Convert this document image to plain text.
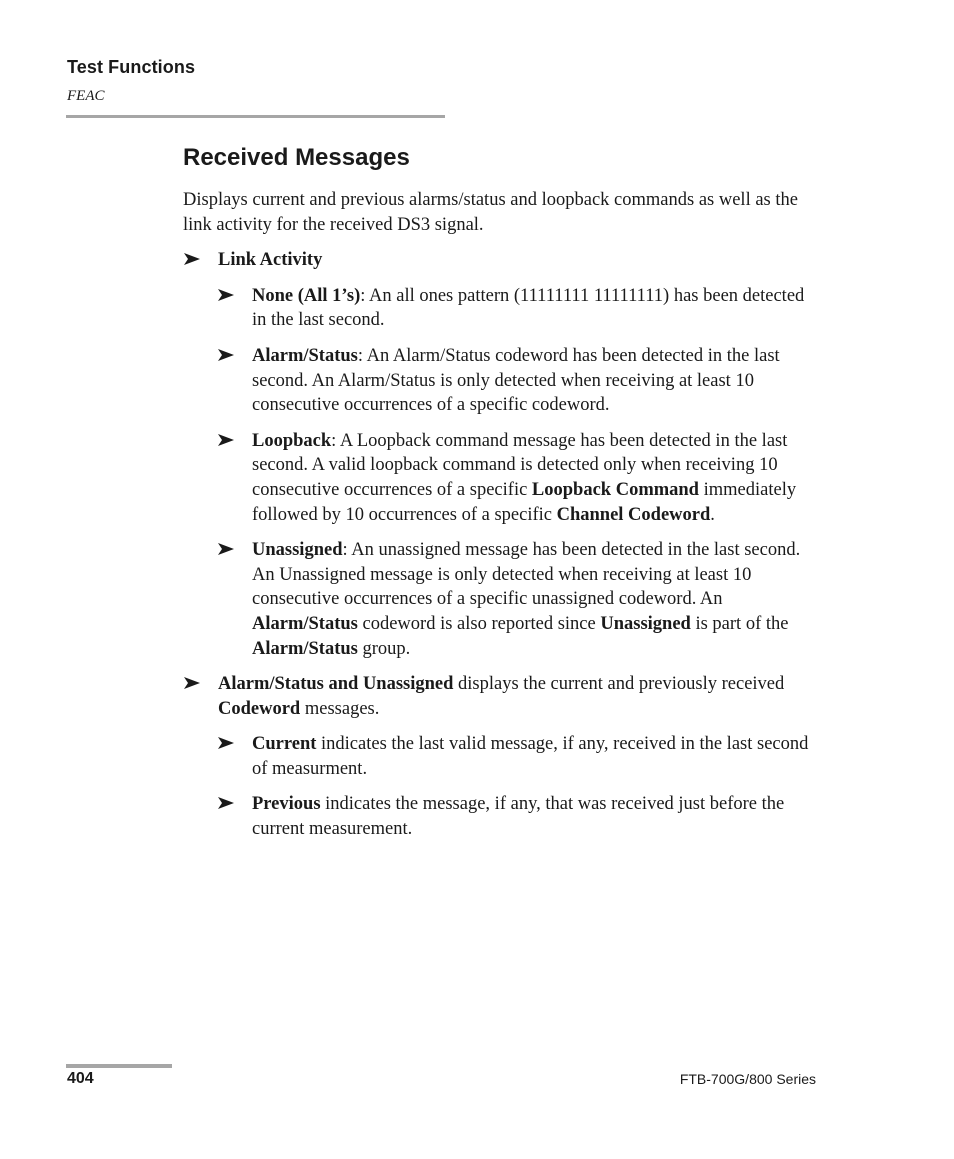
Test Functions
FEAC
Received Messages

Displays current and previous alarms/status and loopback commands as well as the link activity for the received DS3 signal.

Link Activity
None (All 1’s): An all ones pattern (11111111 11111111) has been detected in the last second.
Alarm/Status: An Alarm/Status codeword has been detected in the last second. An Alarm/Status is only detected when receiving at least 10 consecutive occurrences of a specific codeword.
Loopback: A Loopback command message has been detected in the last second. A valid loopback command is detected only when receiving 10 consecutive occurrences of a specific Loopback Command immediately followed by 10 occurrences of a specific Channel Codeword.
Unassigned: An unassigned message has been detected in the last second. An Unassigned message is only detected when receiving at least 10 consecutive occurrences of a specific unassigned codeword. An Alarm/Status codeword is also reported since Unassigned is part of the Alarm/Status group.
Alarm/Status and Unassigned displays the current and previously received Codeword messages.
Current indicates the last valid message, if any, received in the last second of measurment.
Previous indicates the message, if any, that was received just before the current measurement.
404	FTB-700G/800 Series
